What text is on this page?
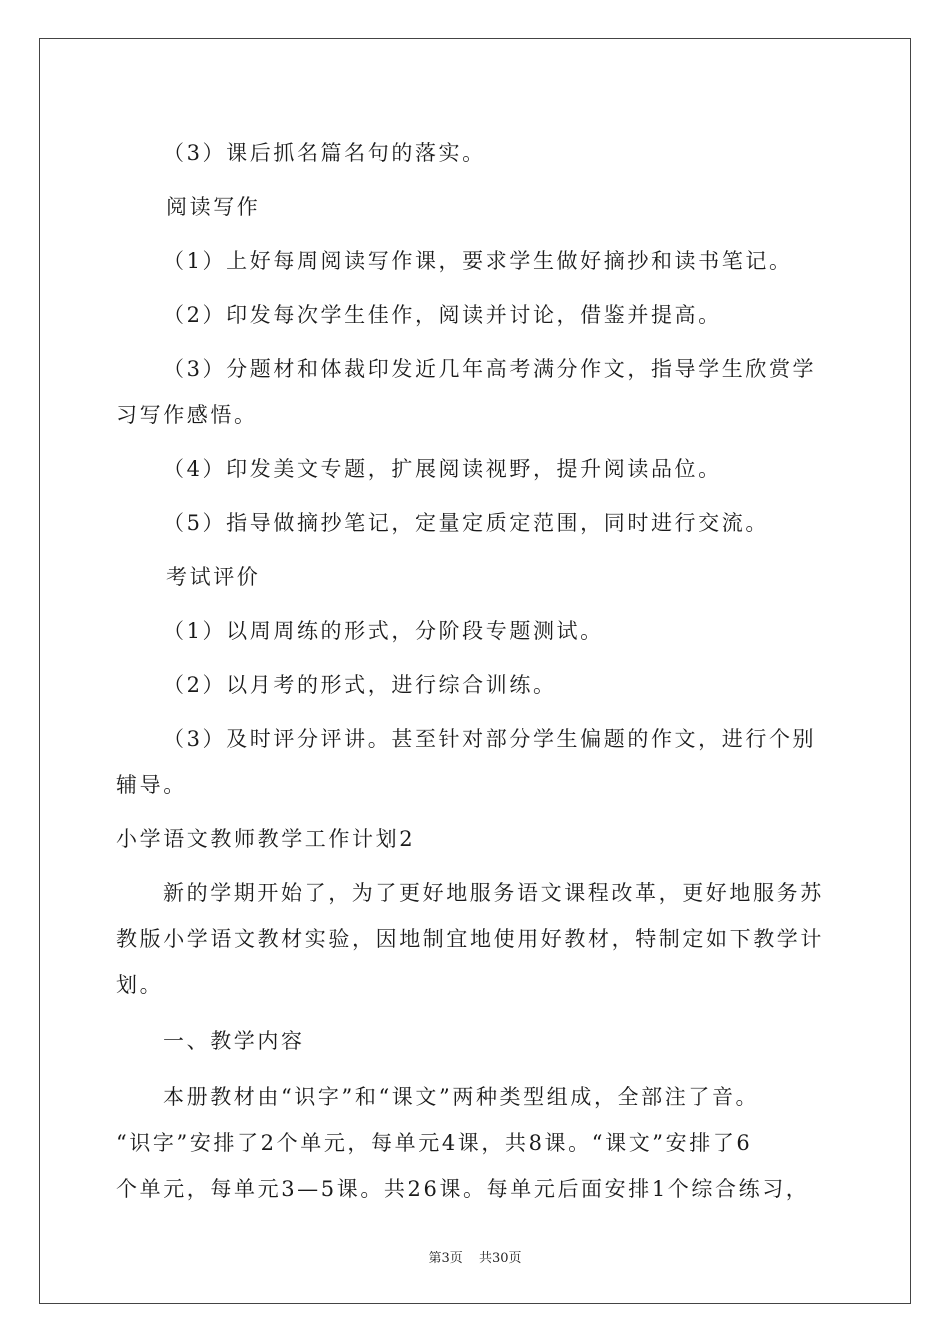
（3）课后抓名篇名句的落实。

阅读写作

（1）上好每周阅读写作课，要求学生做好摘抄和读书笔记。

（2）印发每次学生佳作，阅读并讨论，借鉴并提高。

（3）分题材和体裁印发近几年高考满分作文，指导学生欣赏学

习写作感悟。

（4）印发美文专题，扩展阅读视野，提升阅读品位。

（5）指导做摘抄笔记，定量定质定范围，同时进行交流。

考试评价

（1）以周周练的形式，分阶段专题测试。

（2）以月考的形式，进行综合训练。

（3）及时评分评讲。甚至针对部分学生偏题的作文，进行个别

辅导。

小学语文教师教学工作计划2

新的学期开始了，为了更好地服务语文课程改革，更好地服务苏

教版小学语文教材实验，因地制宜地使用好教材，特制定如下教学计

划。

一、教学内容

本册教材由“识字”和“课文”两种类型组成，全部注了音。

“识字”安排了2个单元，每单元4课，共8课。“课文”安排了6

个单元，每单元3—5课。共26课。每单元后面安排1个综合练习，

第3页 共30页
